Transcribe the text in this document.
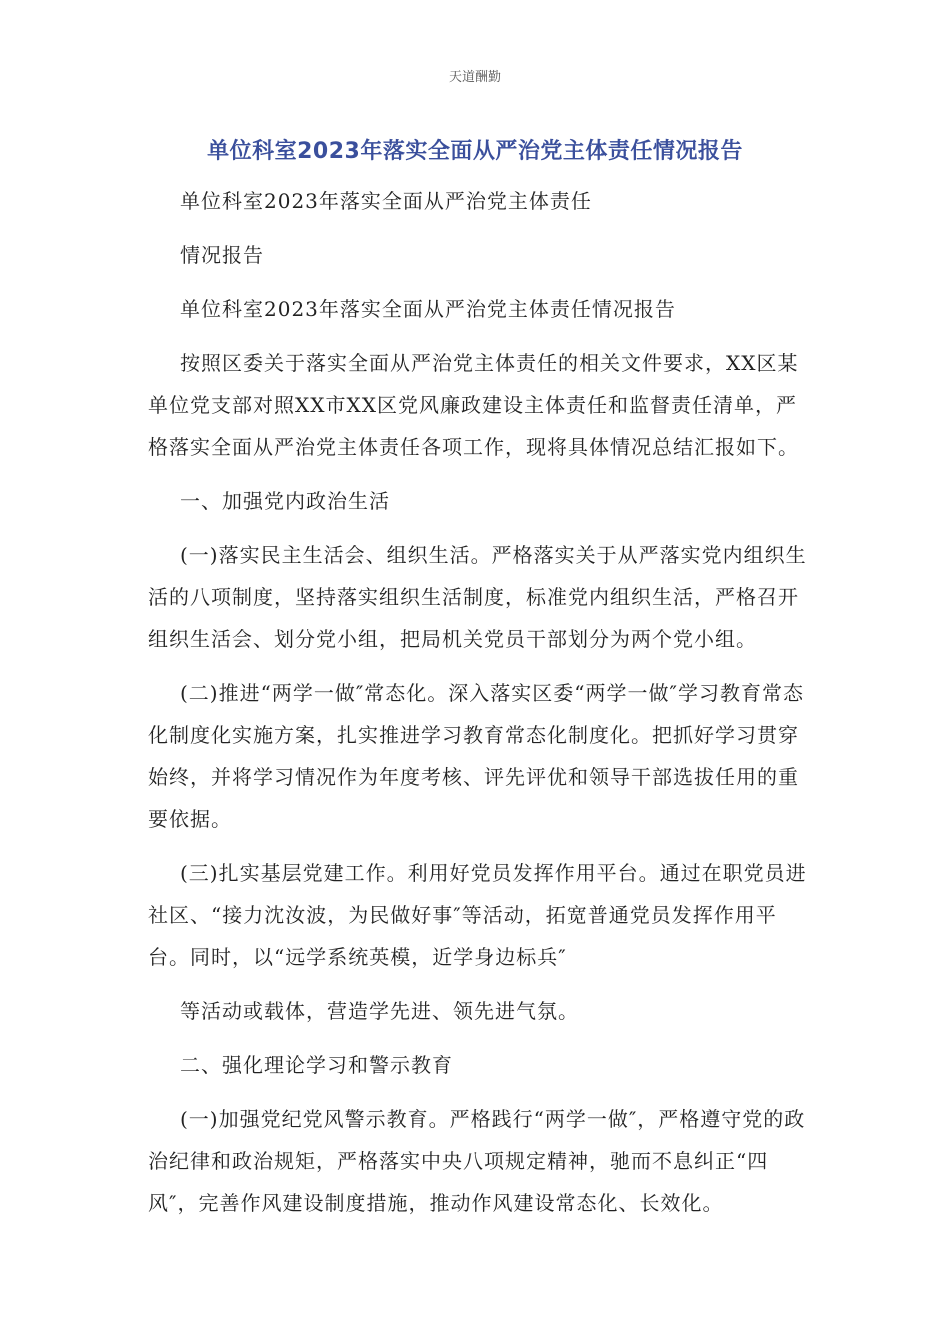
天道酬勤
单位科室2023年落实全面从严治党主体责任情况报告

单位科室2023年落实全面从严治党主体责任

情况报告

单位科室2023年落实全面从严治党主体责任情况报告

按照区委关于落实全面从严治党主体责任的相关文件要求，XX区某单位党支部对照XX市XX区党风廉政建设主体责任和监督责任清单，严格落实全面从严治党主体责任各项工作，现将具体情况总结汇报如下。

一、加强党内政治生活

(一)落实民主生活会、组织生活。严格落实关于从严落实党内组织生活的八项制度，坚持落实组织生活制度，标准党内组织生活，严格召开组织生活会、划分党小组，把局机关党员干部划分为两个党小组。

(二)推进“两学一做″常态化。深入落实区委“两学一做″学习教育常态化制度化实施方案，扎实推进学习教育常态化制度化。把抓好学习贯穿始终，并将学习情况作为年度考核、评先评优和领导干部选拔任用的重要依据。

(三)扎实基层党建工作。利用好党员发挥作用平台。通过在职党员进社区、“接力沈汝波，为民做好事″等活动，拓宽普通党员发挥作用平台。同时，以“远学系统英模，近学身边标兵″

等活动或载体，营造学先进、领先进气氛。

二、强化理论学习和警示教育

(一)加强党纪党风警示教育。严格践行“两学一做″，严格遵守党的政治纪律和政治规矩，严格落实中央八项规定精神，驰而不息纠正“四风″，完善作风建设制度措施，推动作风建设常态化、长效化。
